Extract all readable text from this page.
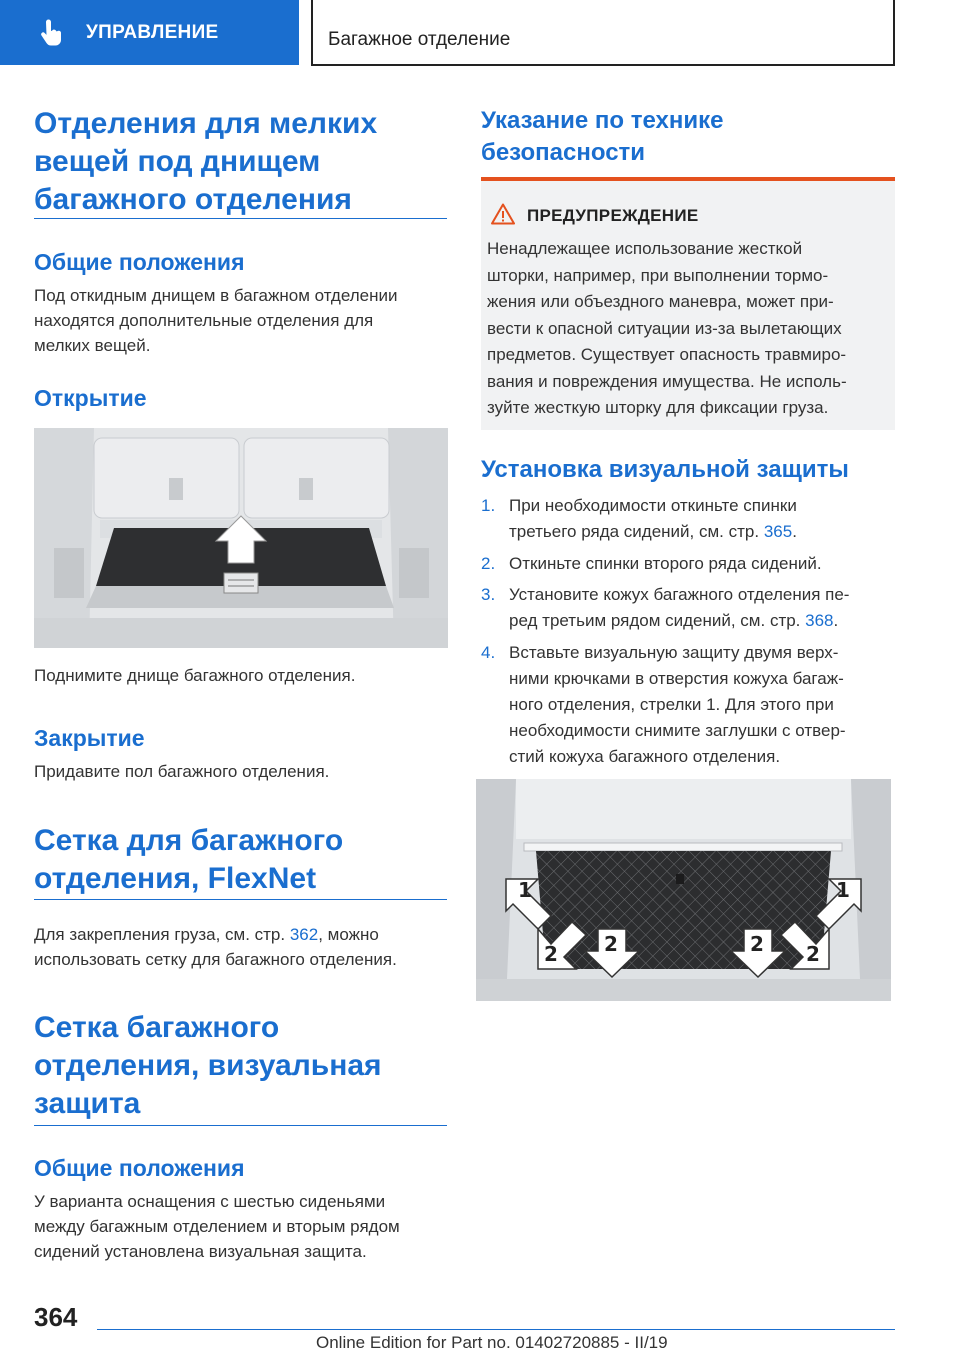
УПРАВЛЕНИЕ	Багажное отделение
Отделения для мелких
вещей под днищем
багажного отделения
Общие положения
Под откидным днищем в багажном отделении
находятся дополнительные отделения для
мелких вещей.
Открытие
Поднимите днище багажного отделения.
Закрытие
Придавите пол багажного отделения.
Сетка для багажного
отделения, FlexNet
Для закрепления груза, см. стр. 362, можно
использовать сетку для багажного отделения.
Сетка багажного
отделения, визуальная
защита
Общие положения
У варианта оснащения с шестью сиденьями
между багажным отделением и вторым рядом
сидений установлена визуальная защита.
Указание по технике
безопасности
ПРЕДУПРЕЖДЕНИЕ
Ненадлежащее использование жесткой
шторки, например, при выполнении тормо-
жения или объездного маневра, может при-
вести к опасной ситуации из-за вылетающих
предметов. Существует опасность травмиро-
вания и повреждения имущества. Не исполь-
зуйте жесткую шторку для фиксации груза.
Установка визуальной защиты
1. При необходимости откиньте спинки
третьего ряда сидений, см. стр. 365.
2. Откиньте спинки второго ряда сидений.
3. Установите кожух багажного отделения пе-
ред третьим рядом сидений, см. стр. 368.
4. Вставьте визуальную защиту двумя верх-
ними крючками в отверстия кожуха багаж-
ного отделения, стрелки 1. Для этого при
необходимости снимите заглушки с отвер-
стий кожуха багажного отделения.
1	1
2 2	2 2
364
Online Edition for Part no. 01402720885 - II/19
